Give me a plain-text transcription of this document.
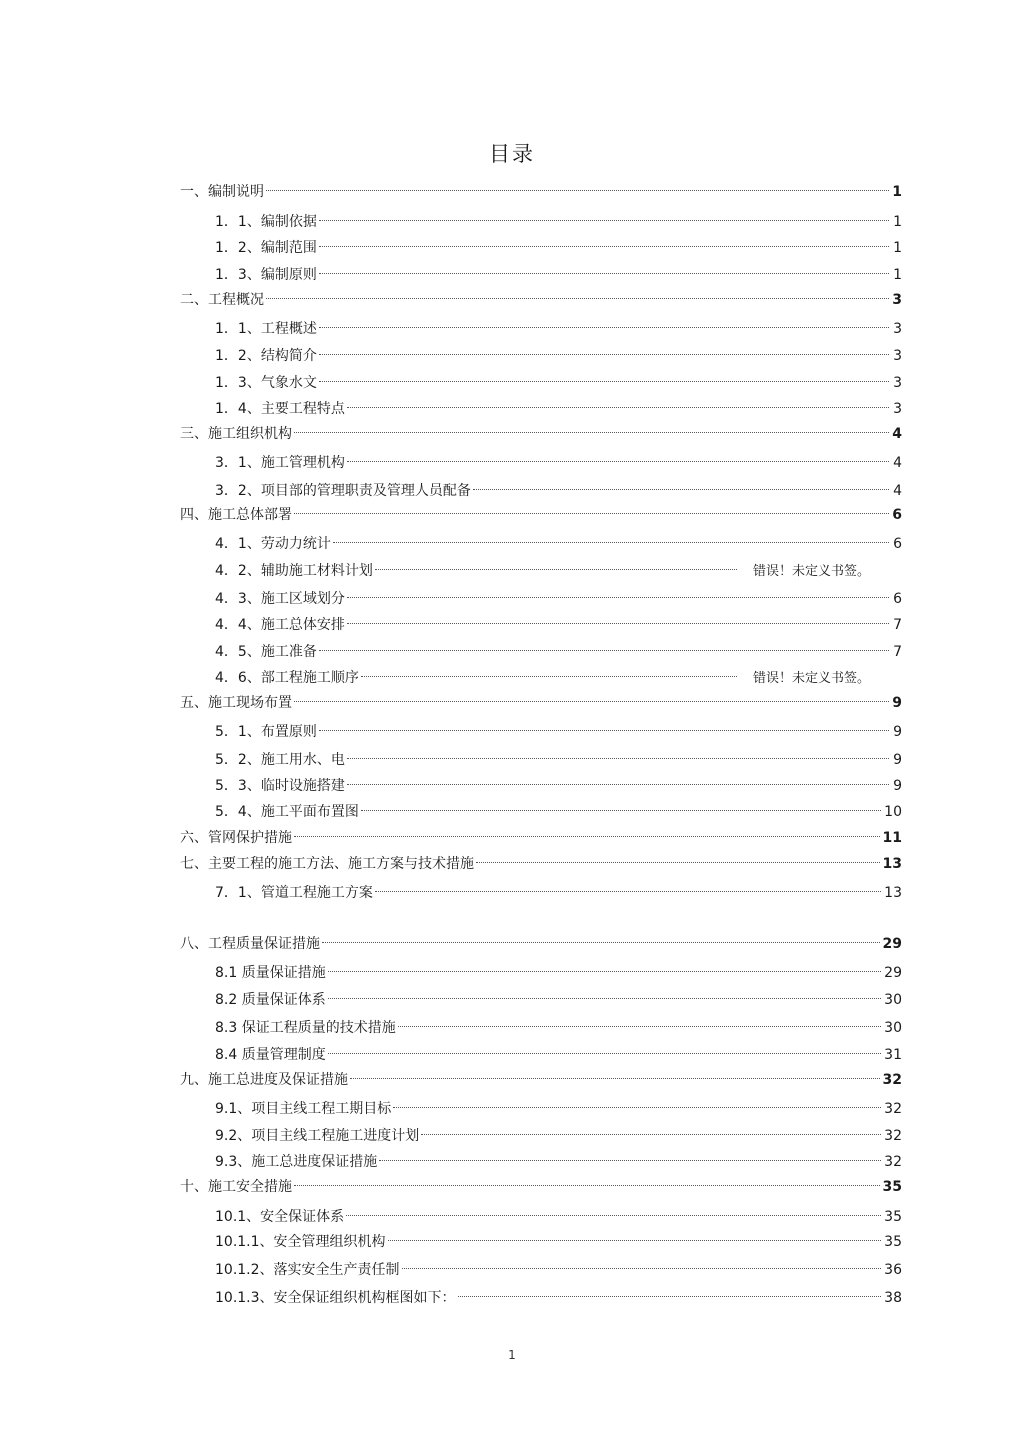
目录
一、编制说明	1
1．1、编制依据	1
1．2、编制范围	1
1．3、编制原则	1
二、工程概况	3
1．1、工程概述	3
1．2、结构简介	3
1．3、气象水文	3
1．4、主要工程特点	3
三、施工组织机构	4
3．1、施工管理机构	4
3．2、项目部的管理职责及管理人员配备	4
四、施工总体部署	6
4．1、劳动力统计	6
4．2、辅助施工材料计划	错误！未定义书签。
4．3、施工区域划分	6
4．4、施工总体安排	7
4．5、施工准备	7
4．6、部工程施工顺序	错误！未定义书签。
五、施工现场布置	9
5．1、布置原则	9
5．2、施工用水、电	9
5．3、临时设施搭建	9
5．4、施工平面布置图	10
六、管网保护措施	11
七、主要工程的施工方法、施工方案与技术措施	13
7．1、管道工程施工方案	13
八、工程质量保证措施	29
8.1 质量保证措施	29
8.2 质量保证体系	30
8.3 保证工程质量的技术措施	30
8.4 质量管理制度	31
九、施工总进度及保证措施	32
9.1、项目主线工程工期目标	32
9.2、项目主线工程施工进度计划	32
9.3、施工总进度保证措施	32
十、施工安全措施	35
10.1、安全保证体系	35
10.1.1、安全管理组织机构	35
10.1.2、落实安全生产责任制	36
10.1.3、安全保证组织机构框图如下：	38
1
